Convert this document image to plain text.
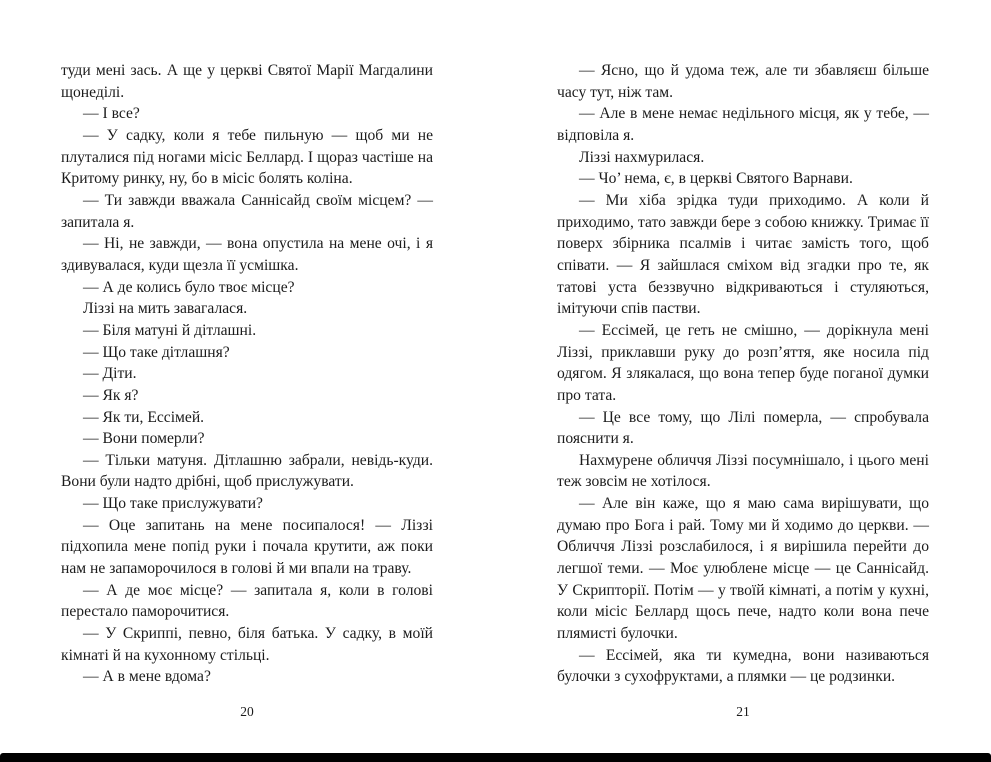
туди мені зась. А ще у церкві Святої Марії Магдалини щонеділі.

— І все?

— У садку, коли я тебе пильную — щоб ми не плуталися під ногами місіс Беллард. І щораз частіше на Критому ринку, ну, бо в місіс болять коліна.

— Ти завжди вважала Саннісайд своїм місцем? — запитала я.

— Ні, не завжди, — вона опустила на мене очі, і я здивувалася, куди щезла її усмішка.

— А де колись було твоє місце?

Ліззі на мить завагалася.

— Біля матуні й дітлашні.

— Що таке дітлашня?

— Діти.

— Як я?

— Як ти, Ессімей.

— Вони померли?

— Тільки матуня. Дітлашню забрали, невідь-куди. Вони були надто дрібні, щоб прислужувати.

— Що таке прислужувати?

— Оце запитань на мене посипалося! — Ліззі підхопила мене попід руки і почала крутити, аж поки нам не запаморочилося в голові й ми впали на траву.

— А де моє місце? — запитала я, коли в голові перестало паморочитися.

— У Скриппі, певно, біля батька. У садку, в моїй кімнаті й на кухонному стільці.

— А в мене вдома?

— Ясно, що й удома теж, але ти збавляєш більше часу тут, ніж там.

— Але в мене немає недільного місця, як у тебе, — відповіла я.

Ліззі нахмурилася.

— Чо’ нема, є, в церкві Святого Варнави.

— Ми хіба зрідка туди приходимо. А коли й приходимо, тато завжди бере з собою книжку. Тримає її поверх збірника псалмів і читає замість того, щоб співати. — Я зайшлася сміхом від згадки про те, як татові уста беззвучно відкриваються і стуляються, імітуючи спів пастви.

— Ессімей, це геть не смішно, — дорікнула мені Ліззі, приклавши руку до розп’яття, яке носила під одягом. Я злякалася, що вона тепер буде поганої думки про тата.

— Це все тому, що Лілі померла, — спробувала пояснити я.

Нахмурене обличчя Ліззі посумнішало, і цього мені теж зовсім не хотілося.

— Але він каже, що я маю сама вирішувати, що думаю про Бога і рай. Тому ми й ходимо до церкви. — Обличчя Ліззі розслабилося, і я вирішила перейти до легшої теми. — Моє улюблене місце — це Саннісайд. У Скрипторії. Потім — у твоїй кімнаті, а потім у кухні, коли місіс Беллард щось пече, надто коли вона пече плямисті булочки.

— Ессімей, яка ти кумедна, вони називаються булочки з сухофруктами, а плямки — це родзинки.

20	21
